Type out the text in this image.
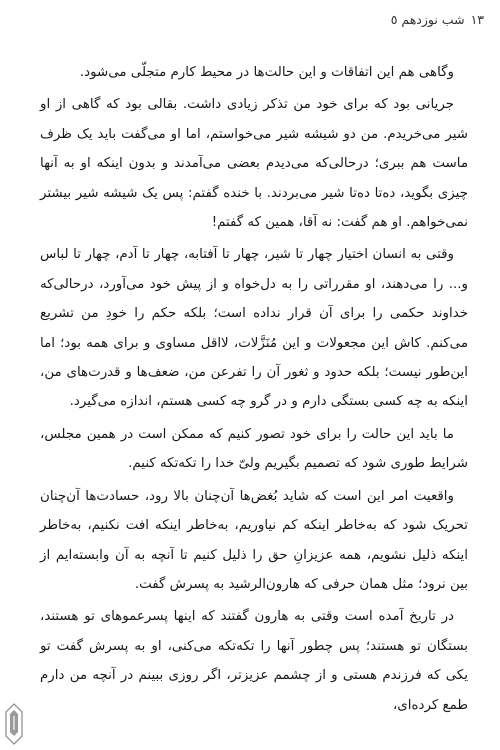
١٣
شب نوزدهم ٥

وگاهی هم این اتفاقات و این حالت‌ها در محیط کارم متجلّی می‌شود.

جریانی بود که برای خود من تذکر زیادی داشت. بقالی بود که گاهی از او شیر می‌خریدم. من دو شیشه شیر می‌خواستم، اما او می‌گفت باید یک ظرف ماست هم ببری؛ درحالی‌که می‌دیدم بعضی می‌آمدند و بدون اینکه او به آنها چیزی بگوید، ده‌تا ده‌تا شیر می‌بردند. با خنده گفتم: پس یک شیشه شیر بیشتر نمی‌خواهم. او هم گفت: نه آقا، همین که گفتم!

وقتی به انسان اختیار چهار تا شیر، چهار تا آفتابه، چهار تا آدم، چهار تا لباس و... را می‌دهند، او مقرراتی را به دل‌خواه و از پیش خود می‌آورد، درحالی‌که خداوند حکمی را برای آن قرار نداده است؛ بلکه حکم را خودِ من تشریع می‌کنم. کاش این مجعولات و این مُنَزَّلات، لااقل مساوی و برای همه بود؛ اما این‌طور نیست؛ بلکه حدود و ثغور آن را تفرعن من، ضعف‌ها و قدرت‌های من، اینکه به چه کسی بستگی دارم و در گرو چه کسی هستم، اندازه می‌گیرد.

ما باید این حالت را برای خود تصور کنیم که ممکن است در همین مجلس، شرایط طوری شود که تصمیم بگیریم ولیّ خدا را تکه‌تکه کنیم.

واقعیت امر این است که شاید بُغض‌ها آن‌چنان بالا رود، حسادت‌ها آن‌چنان تحریک شود که به‌خاطر اینکه کم نیاوریم، به‌خاطر اینکه افت نکنیم، به‌خاطر اینکه ذلیل نشویم، همه عزیزانِ حق را ذلیل کنیم تا آنچه به آن وابسته‌ایم از بین نرود؛ مثل همان حرفی که هارون‌الرشید به پسرش گفت.

در تاریخ آمده است وقتی به هارون گفتند که اینها پسرعموهای تو هستند، بستگان تو هستند؛ پس چطور آنها را تکه‌تکه می‌کنی، او به پسرش گفت تو یکی که فرزندم هستی و از چشمم عزیزتر، اگر روزی ببینم در آنچه من دارم طمع کرده‌ای،
